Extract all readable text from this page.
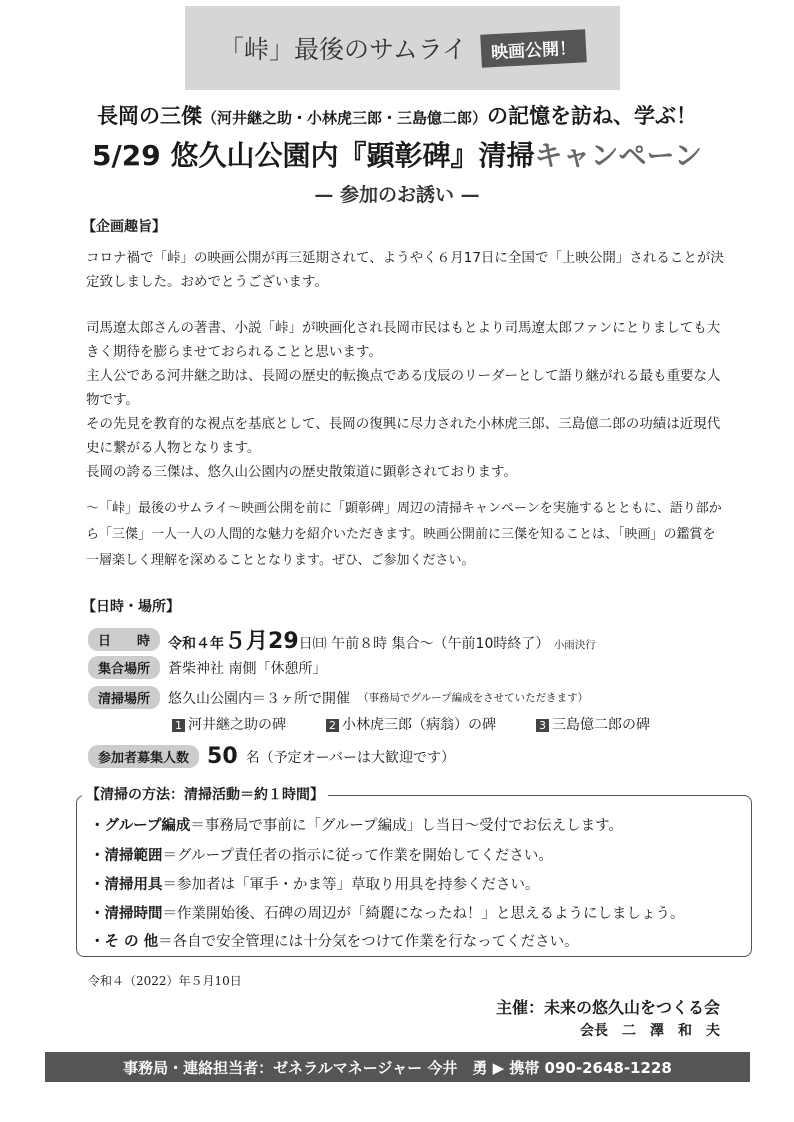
「峠」最後のサムライ	映画公開！
長岡の三傑（河井継之助・小林虎三郎・三島億二郎）の記憶を訪ね、学ぶ！
5/29 悠久山公園内『顕彰碑』清掃キャンペーン
— 参加のお誘い —
【企画趣旨】
コロナ禍で「峠」の映画公開が再三延期されて、ようやく６月17日に全国で「上映公開」されることが決定致しました。おめでとうございます。
司馬遼太郎さんの著書、小説「峠」が映画化され長岡市民はもとより司馬遼太郎ファンにとりましても大きく期待を膨らませておられることと思います。
主人公である河井継之助は、長岡の歴史的転換点である戊辰のリーダーとして語り継がれる最も重要な人物です。
その先見を教育的な視点を基底として、長岡の復興に尽力された小林虎三郎、三島億二郎の功績は近現代史に繋がる人物となります。
長岡の誇る三傑は、悠久山公園内の歴史散策道に顕彰されております。
～「峠」最後のサムライ～映画公開を前に「顕彰碑」周辺の清掃キャンペーンを実施するとともに、語り部から「三傑」一人一人の人間的な魅力を紹介いただきます。映画公開前に三傑を知ることは、「映画」の鑑賞を一層楽しく理解を深めることとなります。ぜひ、ご参加ください。
【日時・場所】
日　　時	令和４年５月29日㈰ 午前８時 集合～（午前10時終了） 小雨決行
集合場所	蒼柴神社 南側「休憩所」
清掃場所	悠久山公園内＝３ヶ所で開催 （事務局でグループ編成をさせていただきます）
1 河井継之助の碑	2 小林虎三郎（病翁）の碑	3 三島億二郎の碑
参加者募集人数 50 名（予定オーバーは大歓迎です）
【清掃の方法：清掃活動＝約１時間】
・グループ編成＝事務局で事前に「グループ編成」し当日～受付でお伝えします。
・清掃範囲＝グループ責任者の指示に従って作業を開始してください。
・清掃用具＝参加者は「軍手・かま等」草取り用具を持参ください。
・清掃時間＝作業開始後、石碑の周辺が「綺麗になったね！」と思えるようにしましょう。
・そ の 他＝各自で安全管理には十分気をつけて作業を行なってください。
令和４（2022）年５月10日
主催：未来の悠久山をつくる会
会長　二　澤　和　夫
事務局・連絡担当者：ゼネラルマネージャー 今井　勇 ▶ 携帯 090-2648-1228
